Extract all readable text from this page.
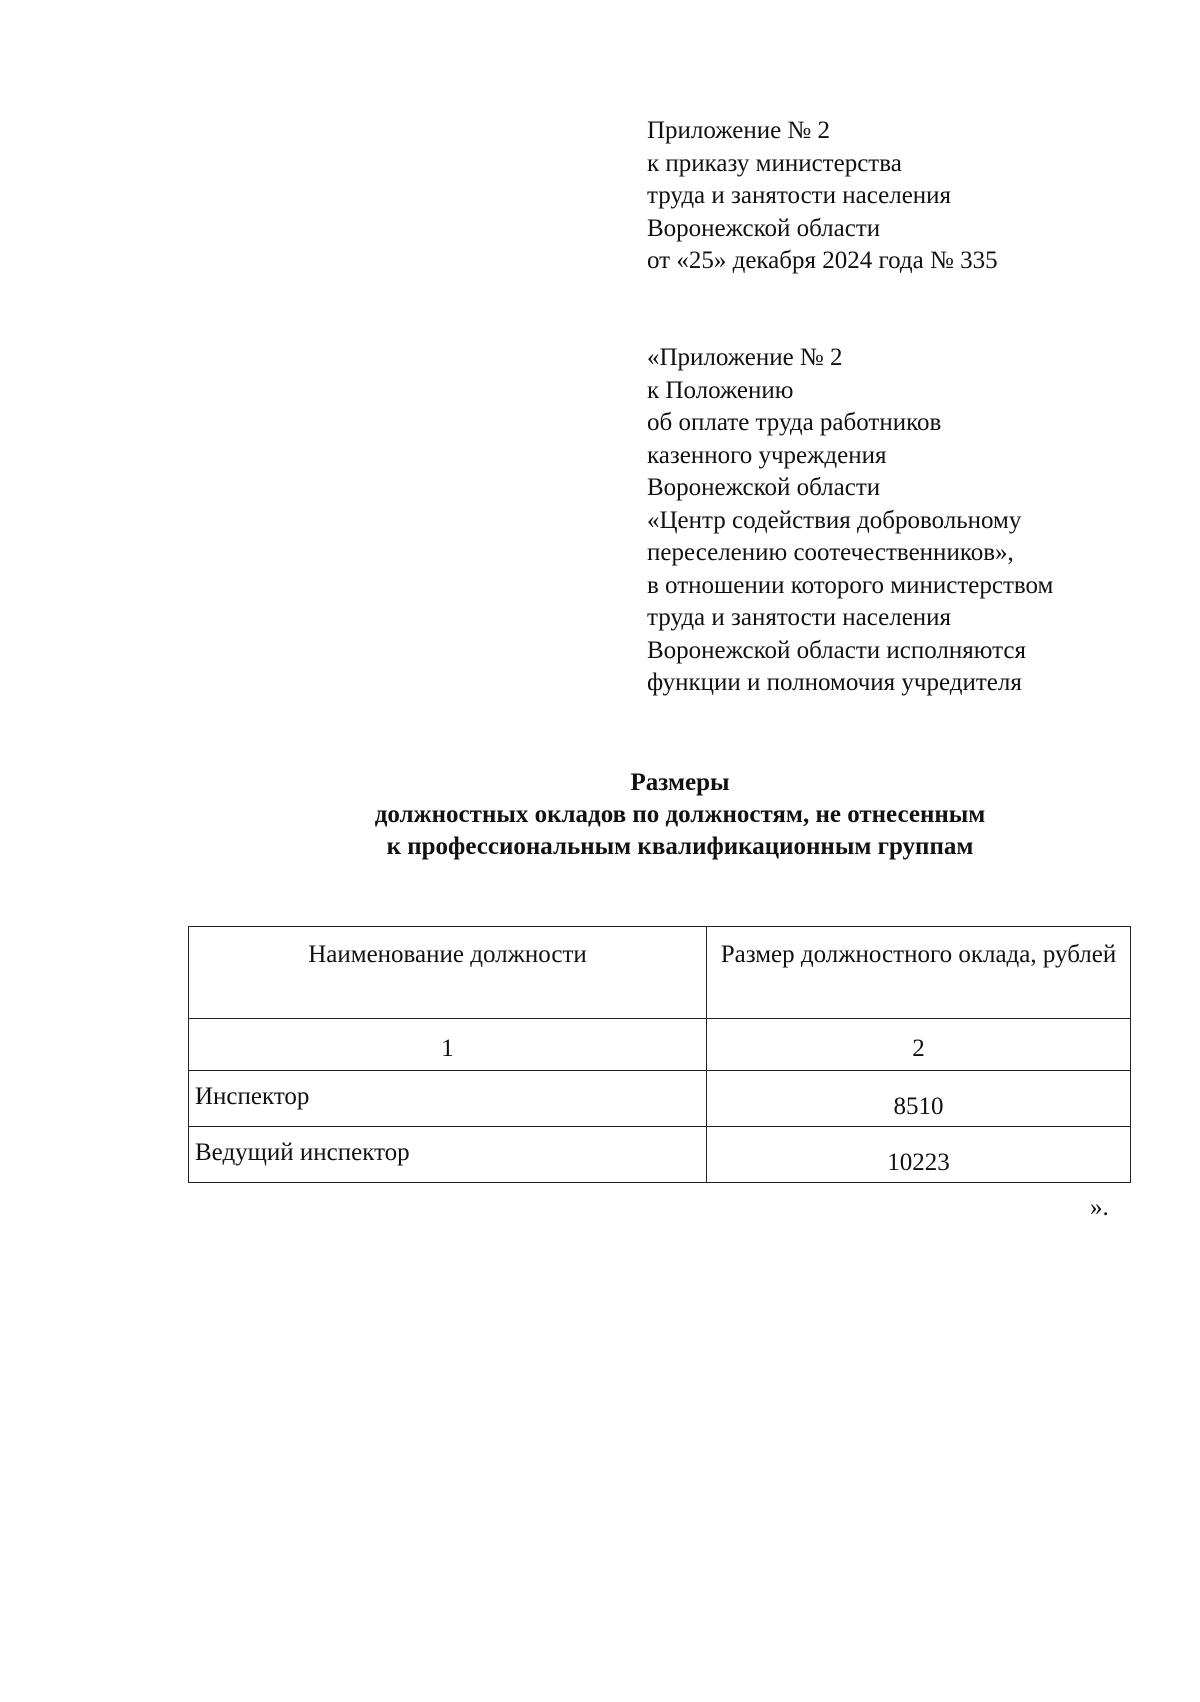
Приложение № 2
к приказу министерства
труда и занятости населения
Воронежской области
от «25» декабря 2024 года № 335
«Приложение № 2
к Положению
об оплате труда работников
казенного учреждения
Воронежской области
«Центр содействия добровольному
переселению соотечественников»,
в отношении которого министерством
труда и занятости населения
Воронежской области исполняются
функции и полномочия учредителя
Размеры
должностных окладов по должностям, не отнесенным
к профессиональным квалификационным группам
Наименование должности	Размер должностного оклада, рублей
1	2
Инспектор	8510
Ведущий инспектор	10223
».
